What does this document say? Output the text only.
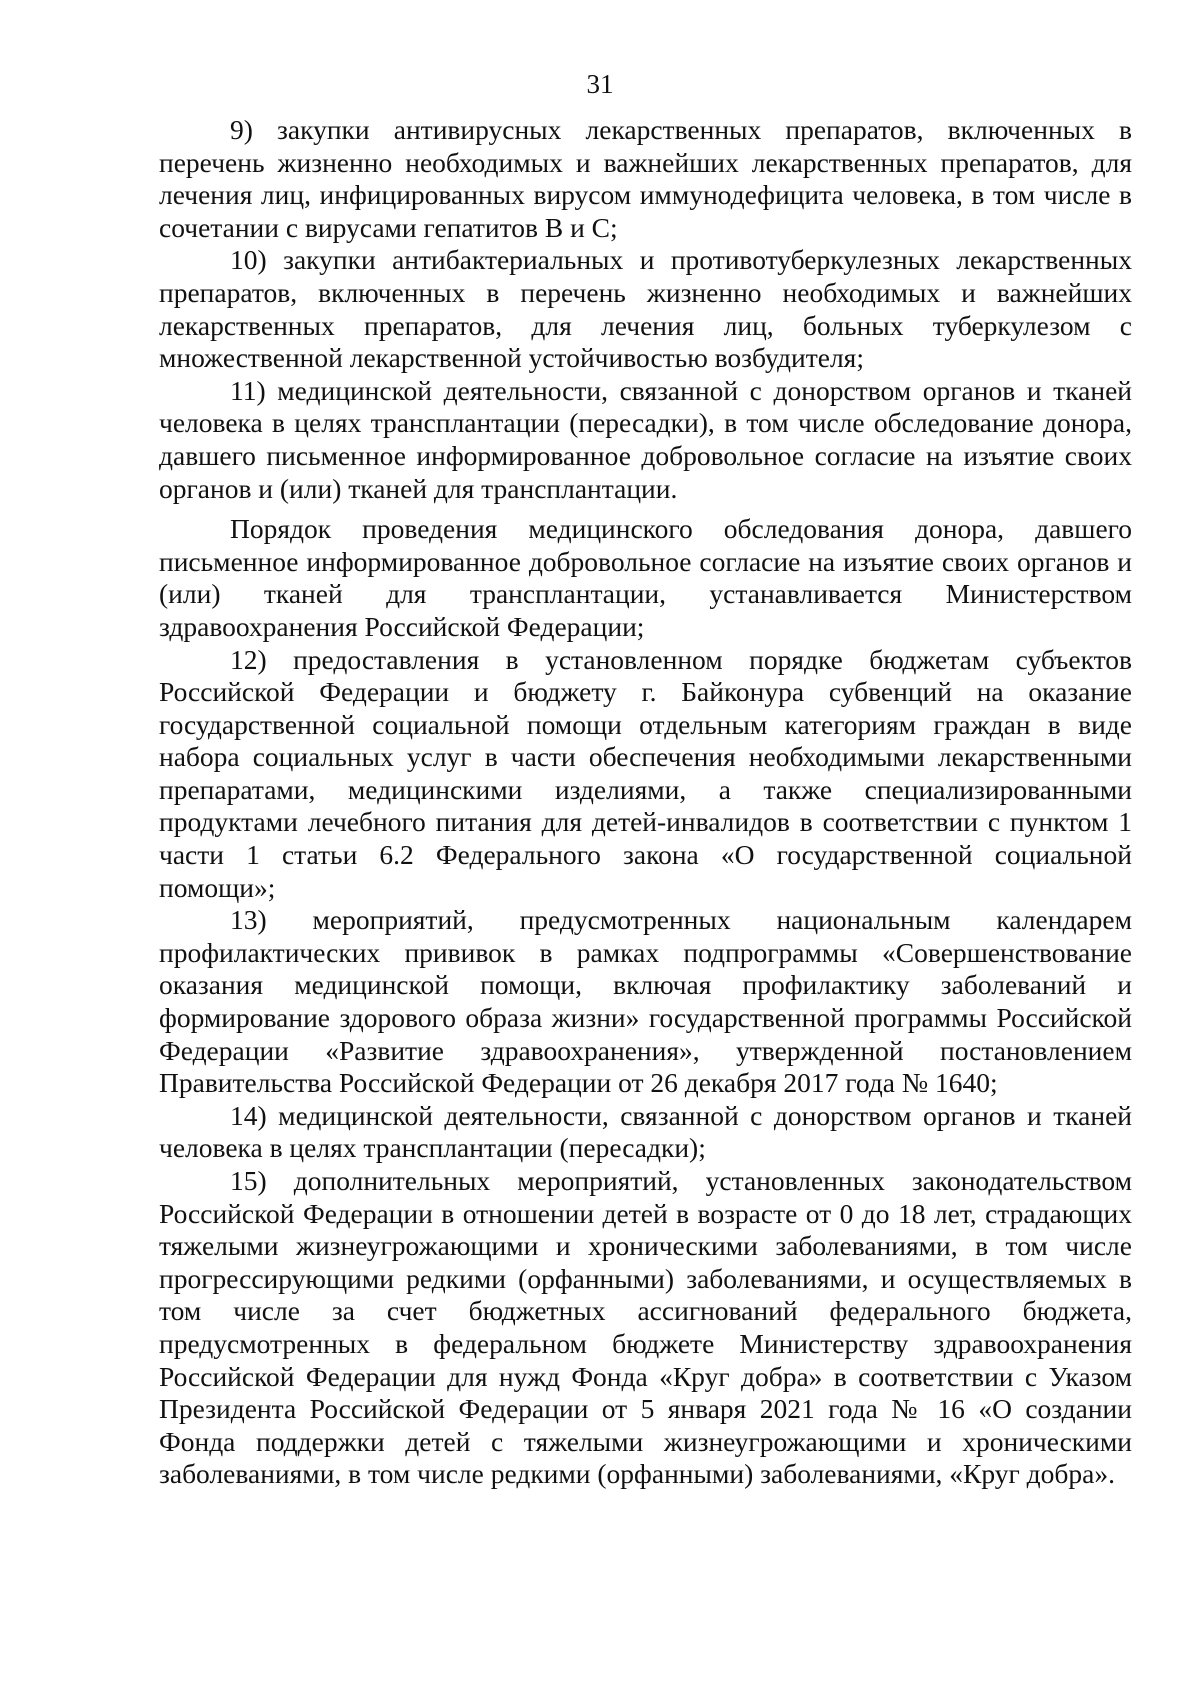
31

9) закупки антивирусных лекарственных препаратов, включенных в перечень жизненно необходимых и важнейших лекарственных препаратов, для лечения лиц, инфицированных вирусом иммунодефицита человека, в том числе в сочетании с вирусами гепатитов B и C;

10) закупки антибактериальных и противотуберкулезных лекарственных препаратов, включенных в перечень жизненно необходимых и важнейших лекарственных препаратов, для лечения лиц, больных туберкулезом с множественной лекарственной устойчивостью возбудителя;

11) медицинской деятельности, связанной с донорством органов и тканей человека в целях трансплантации (пересадки), в том числе обследование донора, давшего письменное информированное добровольное согласие на изъятие своих органов и (или) тканей для трансплантации.

Порядок проведения медицинского обследования донора, давшего письменное информированное добровольное согласие на изъятие своих органов и (или) тканей для трансплантации, устанавливается Министерством здравоохранения Российской Федерации;

12) предоставления в установленном порядке бюджетам субъектов Российской Федерации и бюджету г. Байконура субвенций на оказание государственной социальной помощи отдельным категориям граждан в виде набора социальных услуг в части обеспечения необходимыми лекарственными препаратами, медицинскими изделиями, а также специализированными продуктами лечебного питания для детей-инвалидов в соответствии с пунктом 1 части 1 статьи 6.2 Федерального закона «О государственной социальной помощи»;

13) мероприятий, предусмотренных национальным календарем профилактических прививок в рамках подпрограммы «Совершенствование оказания медицинской помощи, включая профилактику заболеваний и формирование здорового образа жизни» государственной программы Российской Федерации «Развитие здравоохранения», утвержденной постановлением Правительства Российской Федерации от 26 декабря 2017 года № 1640;

14) медицинской деятельности, связанной с донорством органов и тканей человека в целях трансплантации (пересадки);

15) дополнительных мероприятий, установленных законодательством Российской Федерации в отношении детей в возрасте от 0 до 18 лет, страдающих тяжелыми жизнеугрожающими и хроническими заболеваниями, в том числе прогрессирующими редкими (орфанными) заболеваниями, и осуществляемых в том числе за счет бюджетных ассигнований федерального бюджета, предусмотренных в федеральном бюджете Министерству здравоохранения Российской Федерации для нужд Фонда «Круг добра» в соответствии с Указом Президента Российской Федерации от 5 января 2021 года № 16 «О создании Фонда поддержки детей с тяжелыми жизнеугрожающими и хроническими заболеваниями, в том числе редкими (орфанными) заболеваниями, «Круг добра».
